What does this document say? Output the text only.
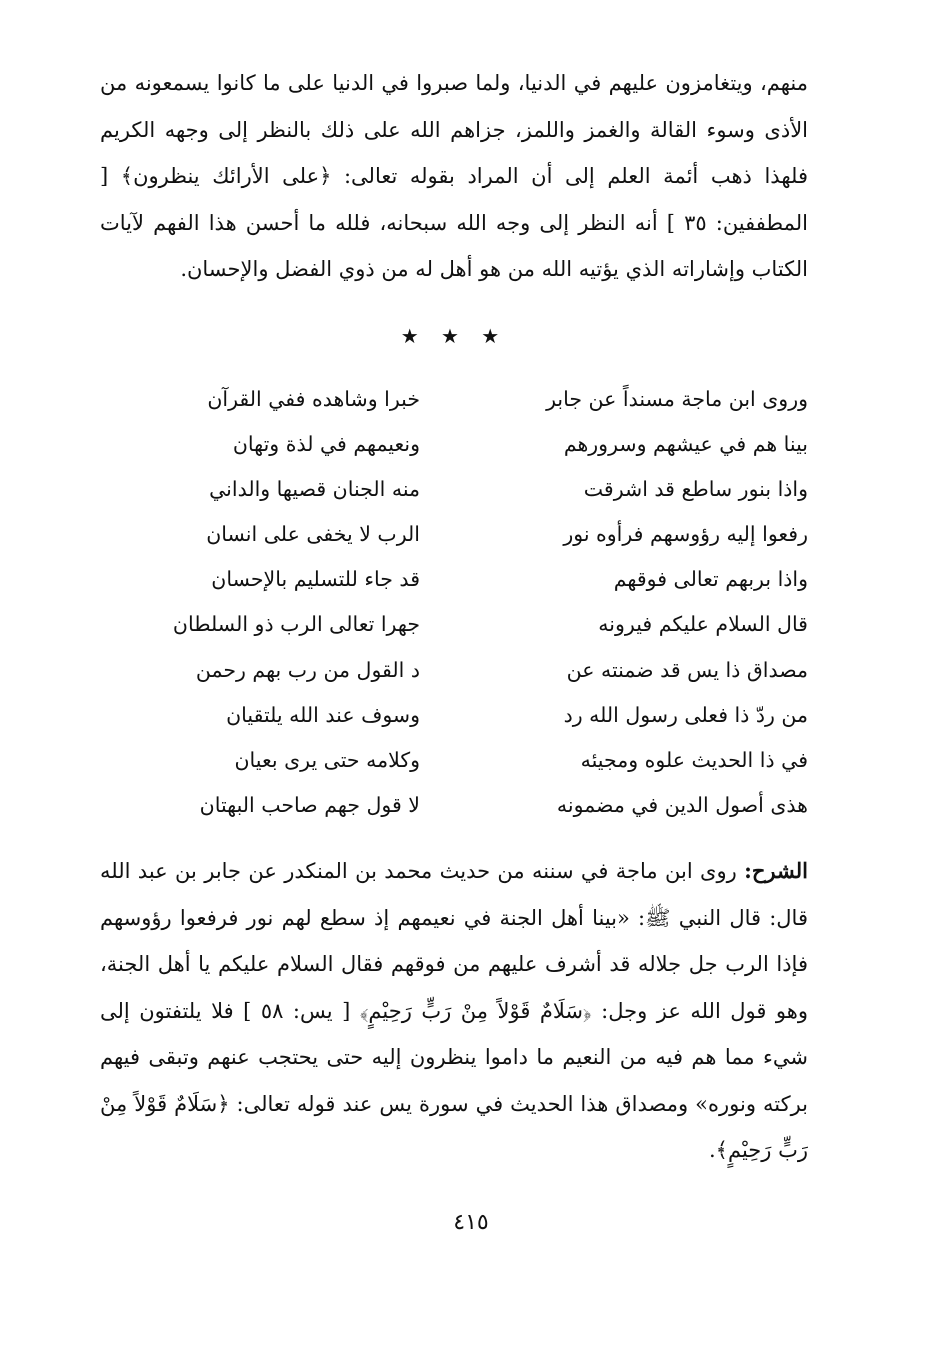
منهم، ويتغامزون عليهم في الدنيا، ولما صبروا في الدنيا على ما كانوا يسمعونه من الأذى وسوء القالة والغمز واللمز، جزاهم الله على ذلك بالنظر إلى وجهه الكريم فلهذا ذهب أئمة العلم إلى أن المراد بقوله تعالى: ﴿على الأرائك ينظرون﴾ [ المطففين: ٣٥ ] أنه النظر إلى وجه الله سبحانه، فلله ما أحسن هذا الفهم لآيات الكتاب وإشاراته الذي يؤتيه الله من هو أهل له من ذوي الفضل والإحسان.

★ ★ ★
وروى ابن ماجة مسنداً عن جابر
خبرا وشاهده ففي القرآن
بينا هم في عيشهم وسرورهم
ونعيمهم في لذة وتهان
واذا بنور ساطع قد اشرقت
منه الجنان قصيها والداني
رفعوا إليه رؤوسهم فرأوه نور
الرب لا يخفى على انسان
واذا بربهم تعالى فوقهم
قد جاء للتسليم بالإحسان
قال السلام عليكم فيرونه
جهرا تعالى الرب ذو السلطان
مصداق ذا يس قد ضمنته عن
د القول من رب بهم رحمن
من ردّ ذا فعلى رسول الله رد
وسوف عند الله يلتقيان
في ذا الحديث علوه ومجيئه
وكلامه حتى يرى بعيان
هذى أصول الدين في مضمونه
لا قول جهم صاحب البهتان

الشرح: روى ابن ماجة في سننه من حديث محمد بن المنكدر عن جابر بن عبد الله قال: قال النبي ﷺ: «بينا أهل الجنة في نعيمهم إذ سطع لهم نور فرفعوا رؤوسهم فإذا الرب جل جلاله قد أشرف عليهم من فوقهم فقال السلام عليكم يا أهل الجنة، وهو قول الله عز وجل: ﴿سَلَامٌ قَوْلاً مِنْ رَبٍّ رَحِيْمٍ﴾ [ يس: ٥٨ ] فلا يلتفتون إلى شيء مما هم فيه من النعيم ما داموا ينظرون إليه حتى يحتجب عنهم وتبقى فيهم بركته ونوره» ومصداق هذا الحديث في سورة يس عند قوله تعالى: ﴿سَلَامٌ قَوْلاً مِنْ رَبٍّ رَحِيْمٍ﴾.

٤١٥
